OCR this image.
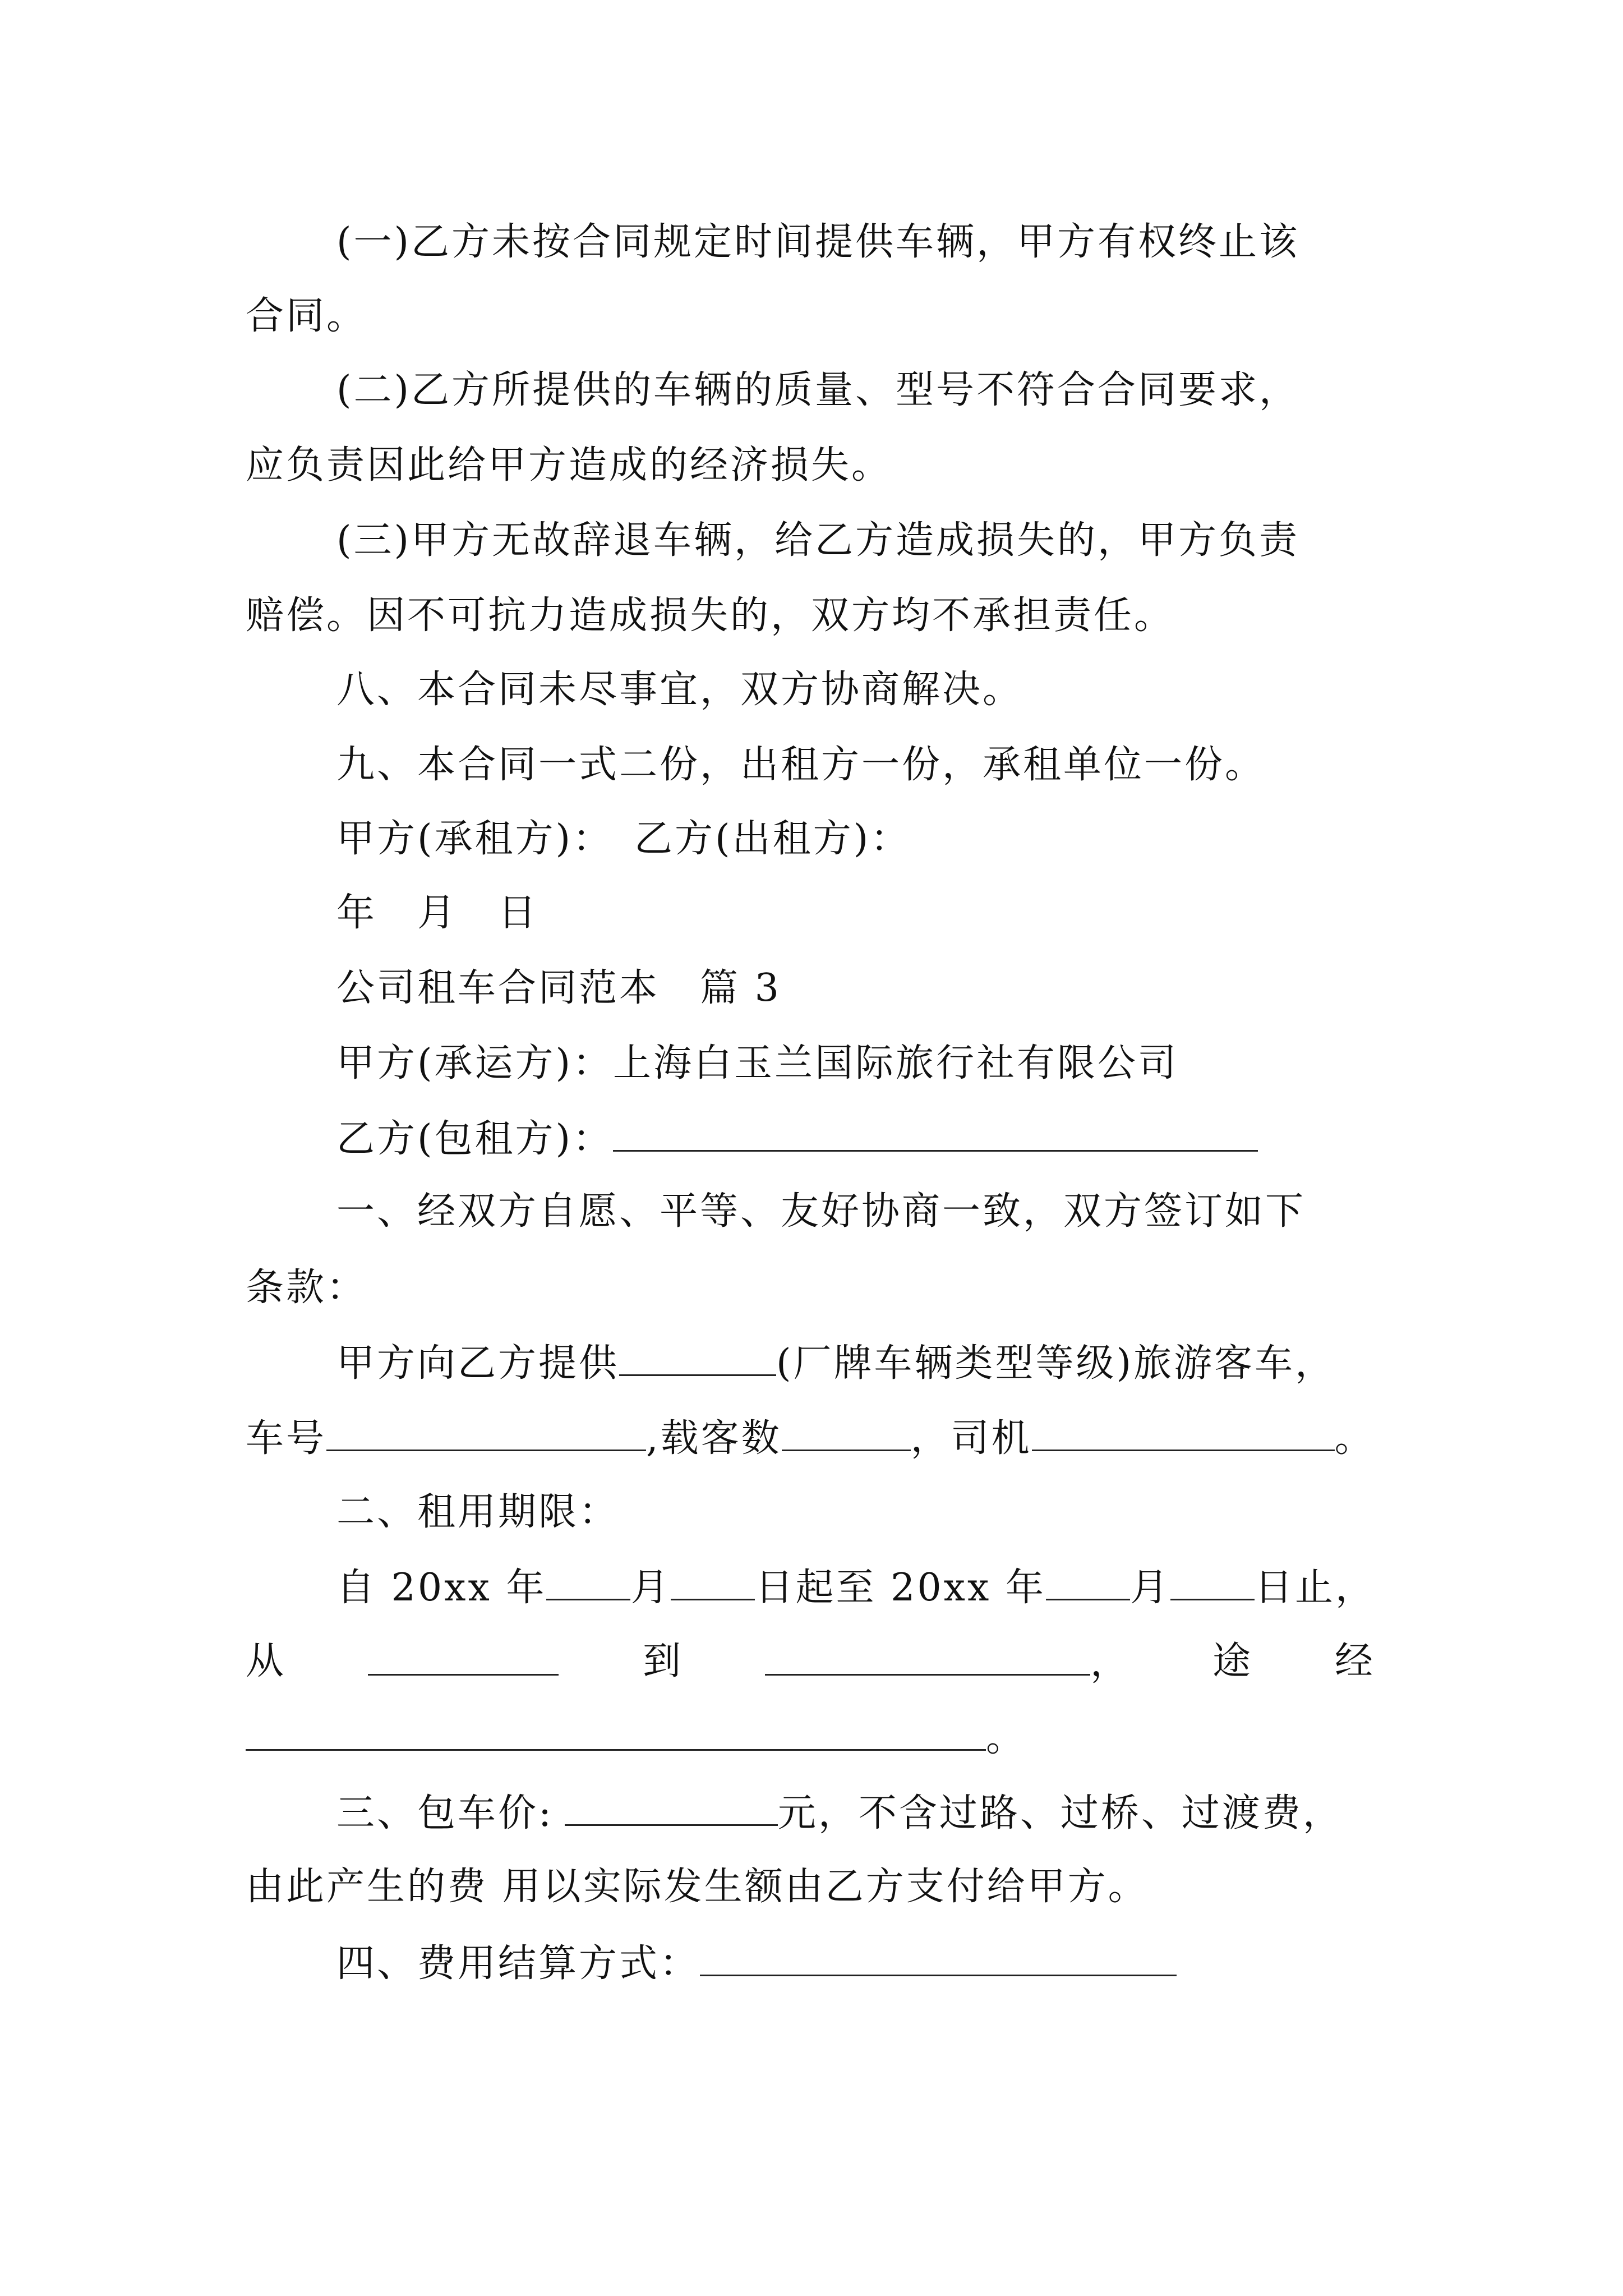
(一)乙方未按合同规定时间提供车辆，甲方有权终止该
合同。
(二)乙方所提供的车辆的质量、型号不符合合同要求，
应负责因此给甲方造成的经济损失。
(三)甲方无故辞退车辆，给乙方造成损失的，甲方负责
赔偿。因不可抗力造成损失的，双方均不承担责任。
八、本合同未尽事宜，双方协商解决。
九、本合同一式二份，出租方一份，承租单位一份。
甲方(承租方)：　乙方(出租方)：
年　月　日
公司租车合同范本　篇 3
甲方(承运方)：上海白玉兰国际旅行社有限公司
乙方(包租方)：
一、经双方自愿、平等、友好协商一致，双方签订如下
条款：
甲方向乙方提供	(厂牌车辆类型等级)旅游客车，
车号	,载客数	，司机	。
二、租用期限：
自 20xx 年 月 日起至 20xx 年 月 日止，
从	到	， 途 经
。
三、包车价:	元，不含过路、过桥、过渡费，
由此产生的费 用以实际发生额由乙方支付给甲方。
四、费用结算方式：
